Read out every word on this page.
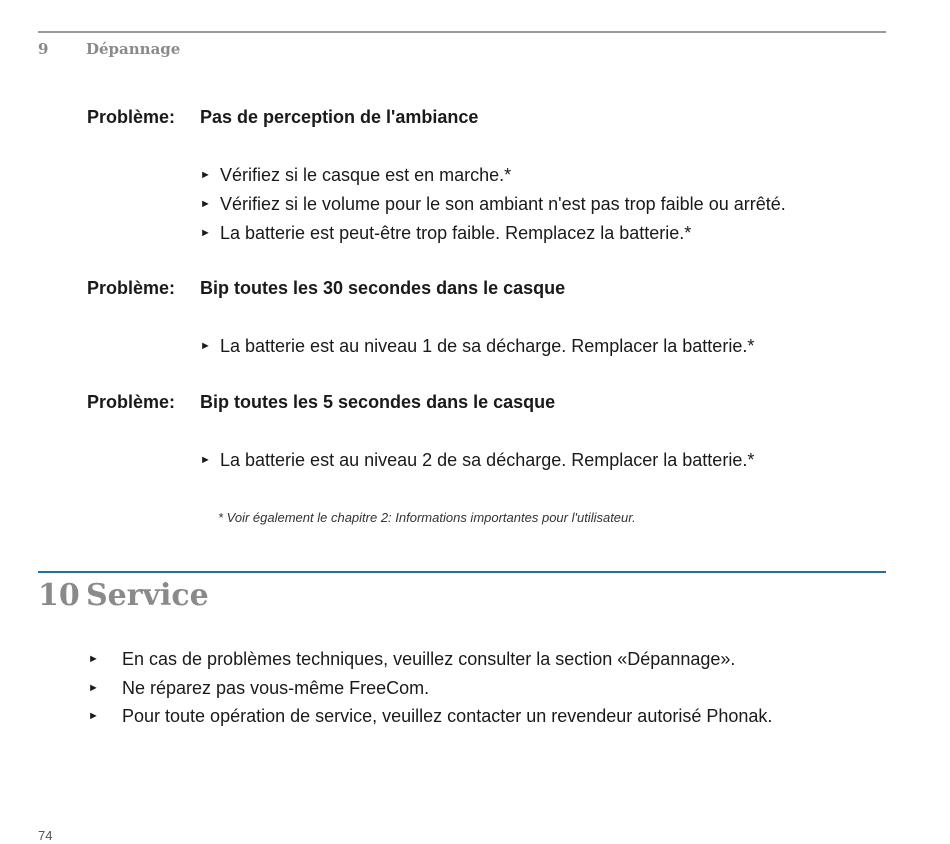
9	Dépannage
Problème: Pas de perception de l'ambiance
► Vérifiez si le casque est en marche.*
► Vérifiez si le volume pour le son ambiant n'est pas trop faible ou arrêté.
► La batterie est peut-être trop faible. Remplacez la batterie.*
Problème: Bip toutes les 30 secondes dans le casque
► La batterie est au niveau 1 de sa décharge. Remplacer la batterie.*
Problème: Bip toutes les 5 secondes dans le casque
► La batterie est au niveau 2 de sa décharge. Remplacer la batterie.*
* Voir également le chapitre 2: Informations importantes pour l'utilisateur.
10 Service
► En cas de problèmes techniques, veuillez consulter la section «Dépannage».
► Ne réparez pas vous-même FreeCom.
► Pour toute opération de service, veuillez contacter un revendeur autorisé Phonak.
74
